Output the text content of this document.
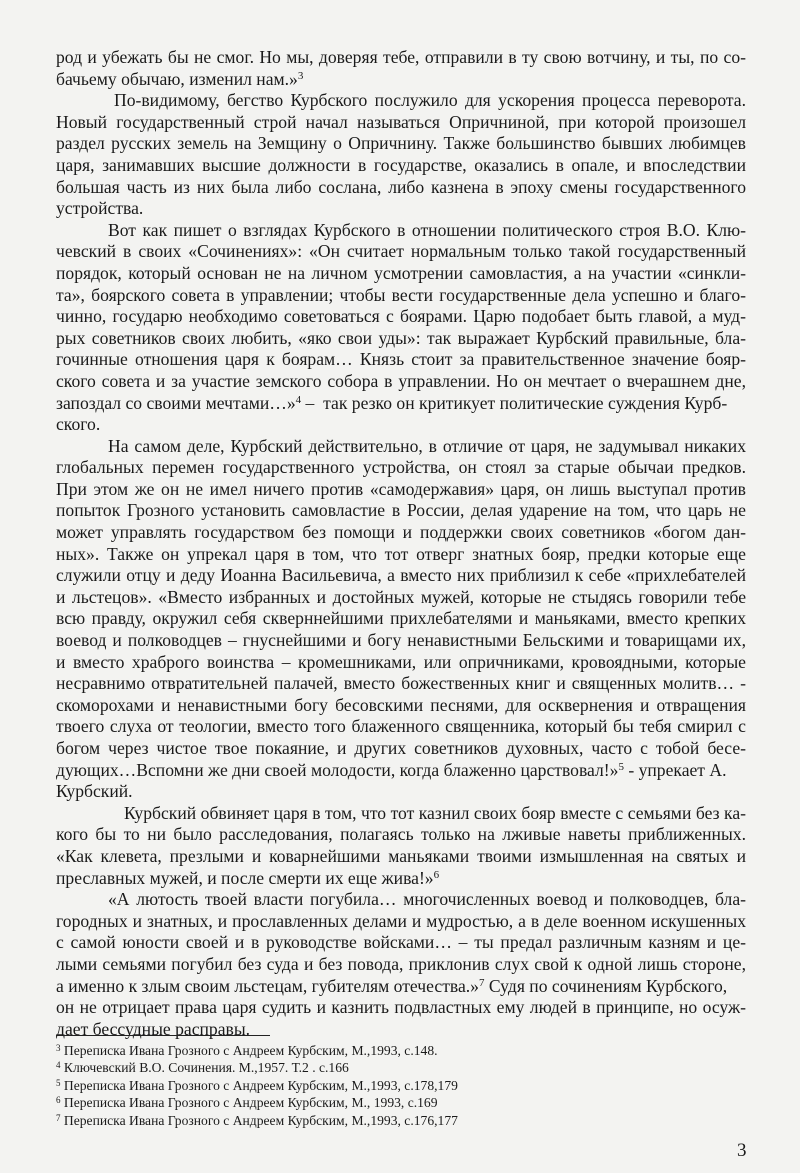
род и убежать бы не смог. Но мы, доверяя тебе, отправили в ту свою вотчину, и ты, по со-
бачьему обычаю, изменил нам.»$^3$
По-видимому, бегство Курбского послужило для ускорения процесса переворота.
Новый государственный строй начал называться Опричниной, при которой произошел
раздел русских земель на Земщину о Опричнину. Также большинство бывших любимцев
царя, занимавших высшие должности в государстве, оказались в опале, и впоследствии
большая часть из них была либо сослана, либо казнена в эпоху смены государственного
устройства.
Вот как пишет о взглядах Курбского в отношении политического строя В.О. Клю-
чевский в своих «Сочинениях»: «Он считает нормальным только такой государственный
порядок, который основан не на личном усмотрении самовластия, а на участии «синкли-
та», боярского совета в управлении; чтобы вести государственные дела успешно и благо-
чинно, государю необходимо советоваться с боярами. Царю подобает быть главой, а муд-
рых советников своих любить, «яко свои уды»: так выражает Курбский правильные, бла-
гочинные отношения царя к боярам… Князь стоит за правительственное значение бояр-
ского совета и за участие земского собора в управлении. Но он мечтает о вчерашнем дне,
запоздал со своими мечтами…»$^4$ –  так резко он критикует политические суждения Курб-
ского.
На самом деле, Курбский действительно, в отличие от царя, не задумывал никаких
глобальных перемен государственного устройства, он стоял за старые обычаи предков.
При этом же он не имел ничего против «самодержавия» царя, он лишь выступал против
попыток Грозного установить самовластие в России, делая ударение на том, что царь не
может управлять государством без помощи и поддержки своих советников «богом дан-
ных». Также он упрекал царя в том, что тот отверг знатных бояр, предки которые еще
служили отцу и деду Иоанна Васильевича, а вместо них приблизил к себе «прихлебателей
и льстецов». «Вместо избранных и достойных мужей, которые не стыдясь говорили тебе
всю правду, окружил себя скверннейшими прихлебателями и маньяками, вместо крепких
воевод и полководцев – гнуснейшими и богу ненавистными Бельскими и товарищами их,
и вместо храброго воинства – кромешниками, или опричниками, кровоядными, которые
несравнимо отвратительней палачей, вместо божественных книг и священных молитв… -
скоморохами и ненавистными богу бесовскими песнями, для осквернения и отвращения
твоего слуха от теологии, вместо того блаженного священника, который бы тебя смирил с
богом через чистое твое покаяние, и других советников духовных, часто с тобой бесе-
дующих…Вспомни же дни своей молодости, когда блаженно царствовал!»$^5$ - упрекает А.
Курбский.
Курбский обвиняет царя в том, что тот казнил своих бояр вместе с семьями без ка-
кого бы то ни было расследования, полагаясь только на лживые наветы приближенных.
«Как клевета, презлыми и коварнейшими маньяками твоими измышленная на святых и
преславных мужей, и после смерти их еще жива!»$^6$
«А лютость твоей власти погубила… многочисленных воевод и полководцев, бла-
городных и знатных, и прославленных делами и мудростью, а в деле военном искушенных
с самой юности своей и в руководстве войсками… – ты предал различным казням и це-
лыми семьями погубил без суда и без повода, приклонив слух свой к одной лишь стороне,
а именно к злым своим льстецам, губителям отечества.»$^7$ Судя по сочинениям Курбского,
он не отрицает права царя судить и казнить подвластных ему людей в принципе, но осуж-
дает бессудные расправы.
$^3$ Переписка Ивана Грозного с Андреем Курбским, М.,1993, с.148.
$^4$ Ключевский В.О. Сочинения. М.,1957. Т.2 . с.166
$^5$ Переписка Ивана Грозного с Андреем Курбским, М.,1993, с.178,179
$^6$ Переписка Ивана Грозного с Андреем Курбским, М., 1993, с.169
$^7$ Переписка Ивана Грозного с Андреем Курбским, М.,1993, с.176,177
3
